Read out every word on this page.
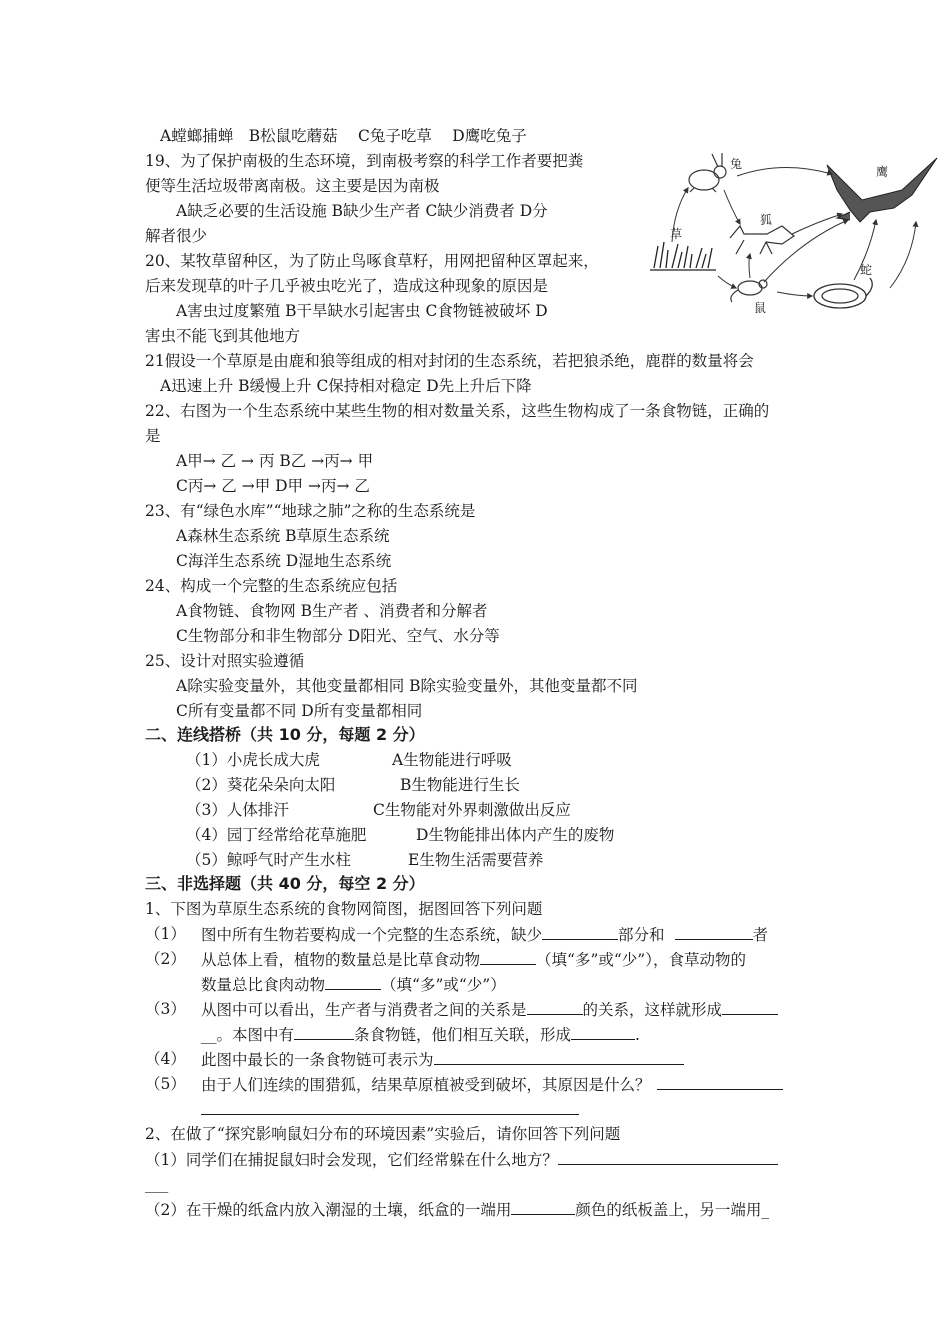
A螳螂捕蝉　B松鼠吃蘑菇　 C兔子吃草　 D鹰吃兔子
19、为了保护南极的生态环境，到南极考察的科学工作者要把粪
便等生活垃圾带离南极。这主要是因为南极
A缺乏必要的生活设施 B缺少生产者 C缺少消费者 D分
解者很少
20、某牧草留种区，为了防止鸟啄食草籽，用网把留种区罩起来，
后来发现草的叶子几乎被虫吃光了，造成这种现象的原因是
A害虫过度繁殖 B干旱缺水引起害虫 C食物链被破坏 D
害虫不能飞到其他地方
21假设一个草原是由鹿和狼等组成的相对封闭的生态系统，若把狼杀绝，鹿群的数量将会
A迅速上升 B缓慢上升 C保持相对稳定 D先上升后下降
22、右图为一个生态系统中某些生物的相对数量关系，这些生物构成了一条食物链，正确的
是
A甲→ 乙 → 丙 B乙 →丙→ 甲
C丙→ 乙 →甲 D甲 →丙→ 乙
23、有“绿色水库”“地球之肺”之称的生态系统是
A森林生态系统 B草原生态系统
C海洋生态系统 D湿地生态系统
24、构成一个完整的生态系统应包括
A食物链、食物网 B生产者 、消费者和分解者
C生物部分和非生物部分 D阳光、空气、水分等
25、设计对照实验遵循
A除实验变量外，其他变量都相同 B除实验变量外，其他变量都不同
C所有变量都不同 D所有变量都相同
二、连线搭桥（共 10 分，每题 2 分）
（1）小虎长成大虎	A生物能进行呼吸
（2）葵花朵朵向太阳	B生物能进行生长
（3）人体排汗	C生物能对外界刺激做出反应
（4）园丁经常给花草施肥	D生物能排出体内产生的废物
（5）鲸呼气时产生水柱	E生物生活需要营养
三、非选择题（共 40 分，每空 2 分）
1、下图为草原生态系统的食物网简图，据图回答下列问题
（1） 图中所有生物若要构成一个完整的生态系统，缺少	部分和	者
（2） 从总体上看，植物的数量总是比草食动物	（填“多”或“少”），食草动物的
数量总比食肉动物	（填“多”或“少”）
（3） 从图中可以看出，生产者与消费者之间的关系是	的关系，这样就形成
__。本图中有	条食物链，他们相互关联，形成	.
（4） 此图中最长的一条食物链可表示为
（5） 由于人们连续的围猎狐，结果草原植被受到破坏，其原因是什么？
2、在做了“探究影响鼠妇分布的环境因素”实验后，请你回答下列问题
（1）同学们在捕捉鼠妇时会发现，它们经常躲在什么地方？
___
（2）在干燥的纸盒内放入潮湿的土壤，纸盒的一端用	颜色的纸板盖上，另一端用_
兔
鹰
狐
草
鼠
蛇
